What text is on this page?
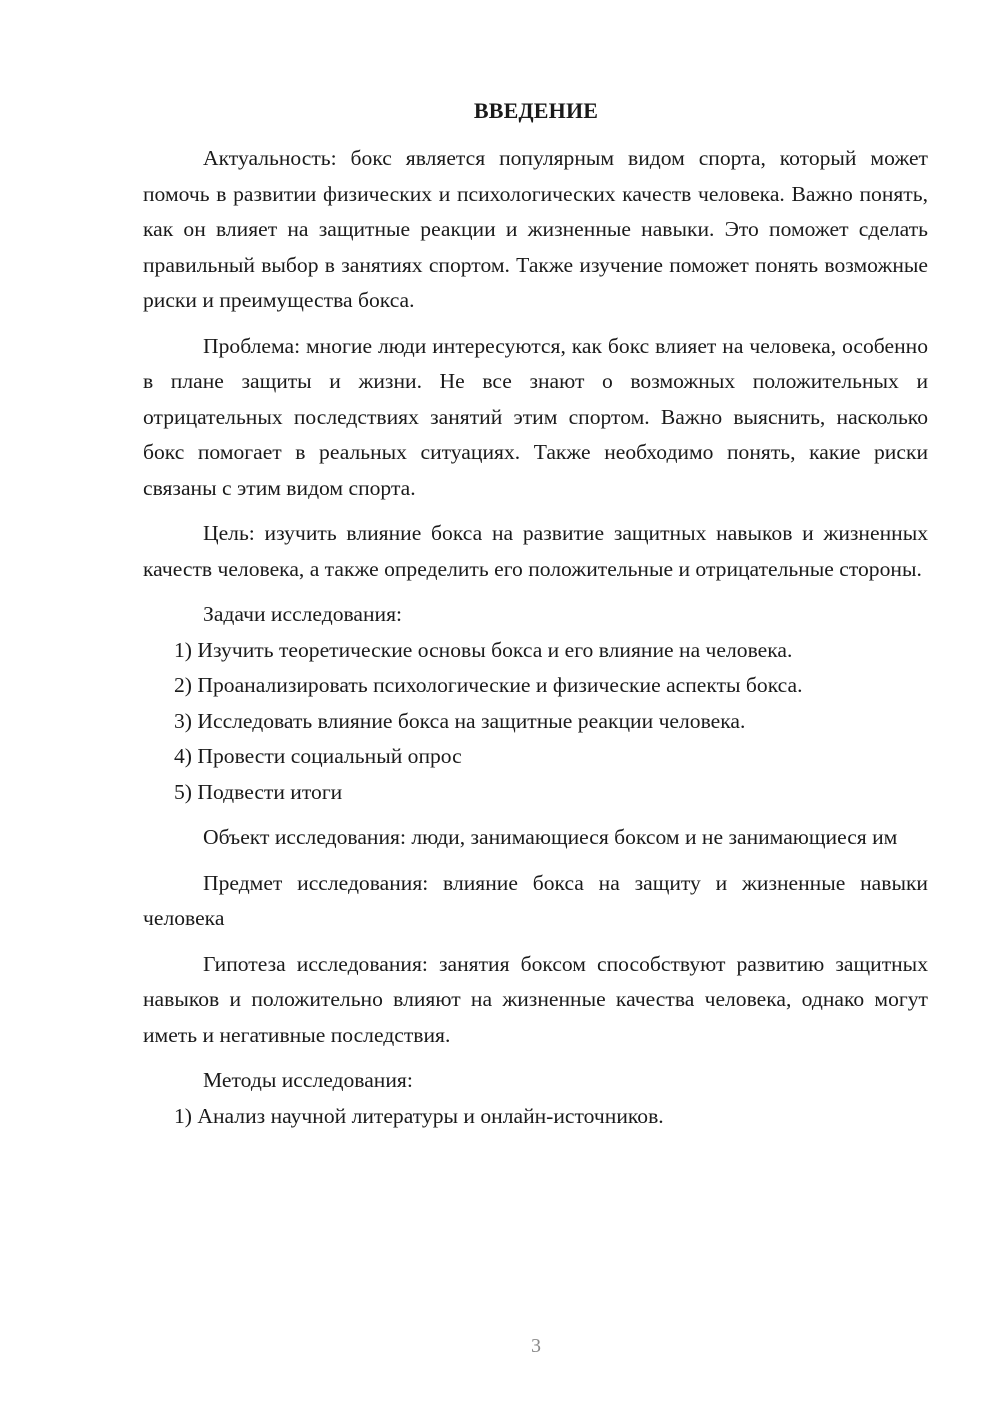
ВВЕДЕНИЕ

Актуальность: бокс является популярным видом спорта, который может помочь в развитии физических и психологических качеств человека. Важно понять, как он влияет на защитные реакции и жизненные навыки. Это поможет сделать правильный выбор в занятиях спортом. Также изучение поможет понять возможные риски и преимущества бокса.

Проблема: многие люди интересуются, как бокс влияет на человека, особенно в плане защиты и жизни. Не все знают о возможных положительных и отрицательных последствиях занятий этим спортом. Важно выяснить, насколько бокс помогает в реальных ситуациях. Также необходимо понять, какие риски связаны с этим видом спорта.

Цель: изучить влияние бокса на развитие защитных навыков и жизненных качеств человека, а также определить его положительные и отрицательные стороны.

Задачи исследования:

1) Изучить теоретические основы бокса и его влияние на человека.

2) Проанализировать психологические и физические аспекты бокса.

3) Исследовать влияние бокса на защитные реакции человека.

4) Провести социальный опрос

5) Подвести итоги

Объект исследования: люди, занимающиеся боксом и не занимающиеся им

Предмет исследования: влияние бокса на защиту и жизненные навыки человека

Гипотеза исследования: занятия боксом способствуют развитию защитных навыков и положительно влияют на жизненные качества человека, однако могут иметь и негативные последствия.

Методы исследования:

1) Анализ научной литературы и онлайн-источников.

3
